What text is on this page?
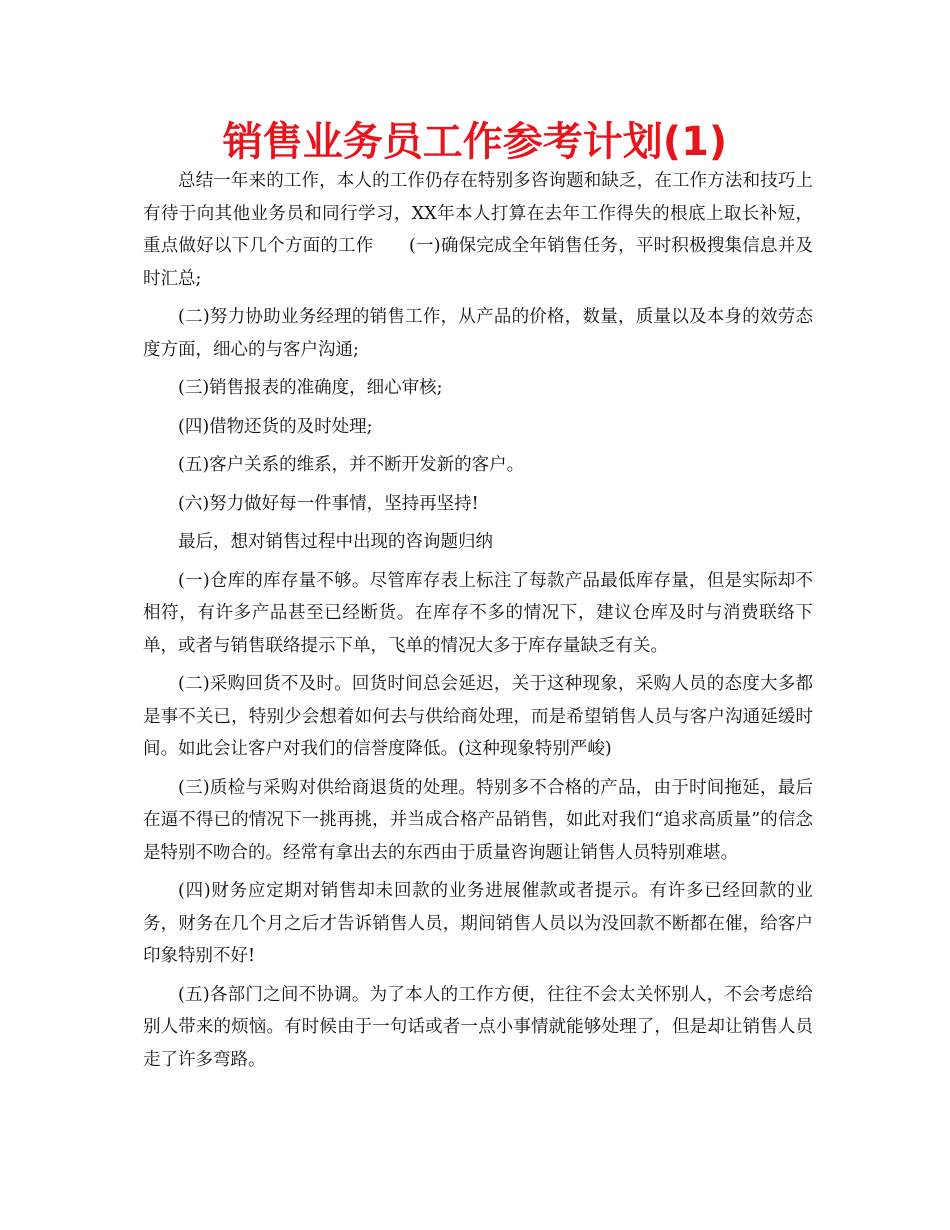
销售业务员工作参考计划(1)

总结一年来的工作，本人的工作仍存在特别多咨询题和缺乏，在工作方法和技巧上有待于向其他业务员和同行学习，XX年本人打算在去年工作得失的根底上取长补短，重点做好以下几个方面的工作　　(一)确保完成全年销售任务，平时积极搜集信息并及时汇总;

(二)努力协助业务经理的销售工作，从产品的价格，数量，质量以及本身的效劳态度方面，细心的与客户沟通;

(三)销售报表的准确度，细心审核;

(四)借物还货的及时处理;

(五)客户关系的维系，并不断开发新的客户。

(六)努力做好每一件事情，坚持再坚持!

最后，想对销售过程中出现的咨询题归纳

(一)仓库的库存量不够。尽管库存表上标注了每款产品最低库存量，但是实际却不相符，有许多产品甚至已经断货。在库存不多的情况下，建议仓库及时与消费联络下单，或者与销售联络提示下单，飞单的情况大多于库存量缺乏有关。

(二)采购回货不及时。回货时间总会延迟，关于这种现象，采购人员的态度大多都是事不关已，特别少会想着如何去与供给商处理，而是希望销售人员与客户沟通延缓时间。如此会让客户对我们的信誉度降低。(这种现象特别严峻)

(三)质检与采购对供给商退货的处理。特别多不合格的产品，由于时间拖延，最后在逼不得已的情况下一挑再挑，并当成合格产品销售，如此对我们“追求高质量”的信念是特别不吻合的。经常有拿出去的东西由于质量咨询题让销售人员特别难堪。

(四)财务应定期对销售却未回款的业务进展催款或者提示。有许多已经回款的业务，财务在几个月之后才告诉销售人员，期间销售人员以为没回款不断都在催，给客户印象特别不好!

(五)各部门之间不协调。为了本人的工作方便，往往不会太关怀别人，不会考虑给别人带来的烦恼。有时候由于一句话或者一点小事情就能够处理了，但是却让销售人员走了许多弯路。
